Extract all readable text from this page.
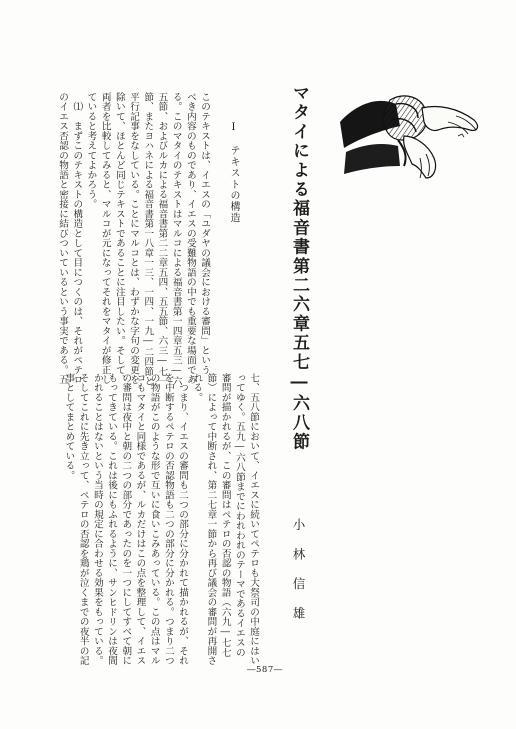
マタイによる福音書第二六章五七―六八節
Ⅰ　テキストの構造
このテキストは、イエスの「ユダヤの議会における審問」という
べき内容のものであり、イエスの受難物語の中でも重要な場面であ
る。このマタイのテキストはマルコによる福音書第一四章五三―六
五節、およびルカによる福音書第二二章五四、五五節、六三―七一
節、またヨハネによる福音書第一八章一三、一四、一九―二四節と
平行記事をなしている。ことにマルコとは、わずかな字句の変更を
除いて、ほとんど同じテキストであることに注目したい。そして、
両者を比較してみると、マルコが元になってそれをマタイが修正し
ていると考えてよかろう。
　⑴　まずこのテキストの構造として目につくのは、それがペテロ
のイエス否認の物語と密接に結びついているという事実である。五
七、五八節において、イエスに続いてペテロも大祭司の中庭にはい
ってゆく。五九―六八節までにわれわれのテーマであるイエスの
審問が描かれるが、この審問はペテロの否認の物語（六九―七七
節）によって中断され、第二七章一節から再び議会の審問が再開さ
れる。
　つまり、イエスの審問も二つの部分に分かれて描かれるが、それ
を中断するペテロの否認物語も二つの部分に分かれる。つまり二つ
の物語がこのような形で互いに食いこみあっている。この点はマル
コもマタイと同様であるが、ルカだけはこの点を整理して、イエス
の審問は夜中と朝の二つの部分であったのを一つにしてすべて朝に
もってきている。これは後にもふれるように、サンヒドリンは夜間
かれることはないという当時の規定に合わせる効果をもっている。
そしてこれに先き立って、ペテロの否認を鶏が泣くまでの夜半の記
事としてまとめている。
小林信雄
―587―
